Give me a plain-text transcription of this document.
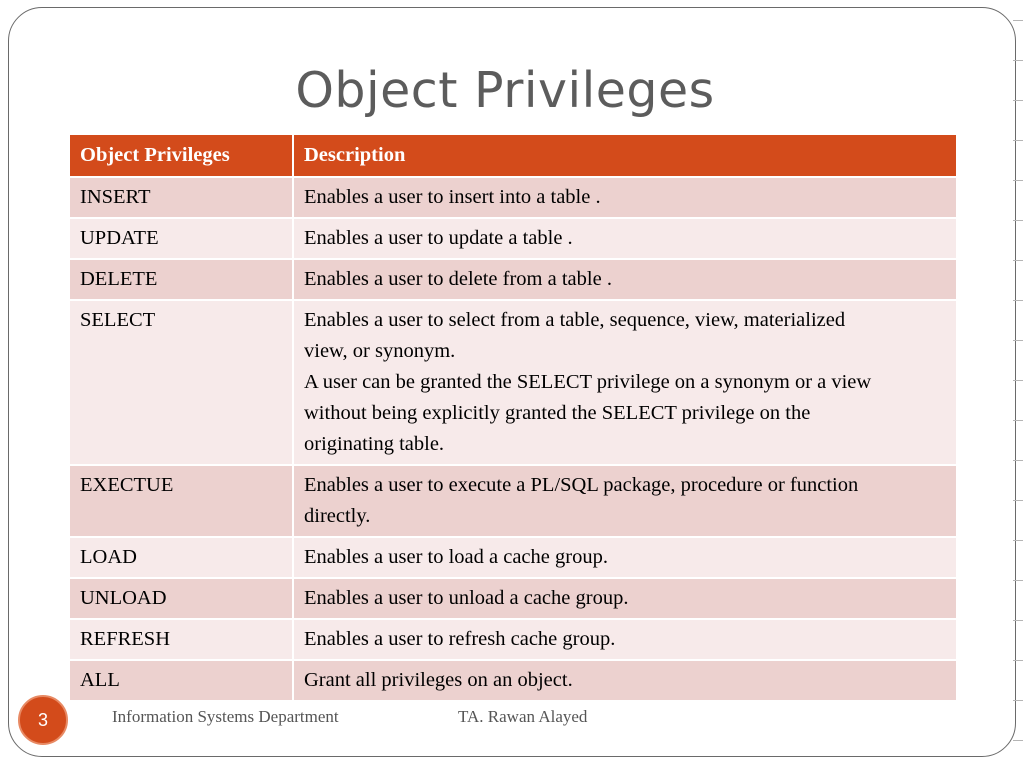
Object Privileges
Object Privileges	Description
INSERT	Enables a user to insert into a table .

UPDATE	Enables a user to update a table .

DELETE	Enables a user to delete from a table .

SELECT	Enables a user to select from a table, sequence, view, materialized
view, or synonym.
A user can be granted the SELECT privilege on a synonym or a view
without being explicitly granted the SELECT privilege on the
originating table.

EXECTUE	Enables a user to execute a PL/SQL package, procedure or function
directly.

LOAD	Enables a user to load a cache group.

UNLOAD	Enables a user to unload a cache group.

REFRESH	Enables a user to refresh cache group.

ALL	Grant all privileges on an object.
3	Information Systems Department	TA. Rawan Alayed
